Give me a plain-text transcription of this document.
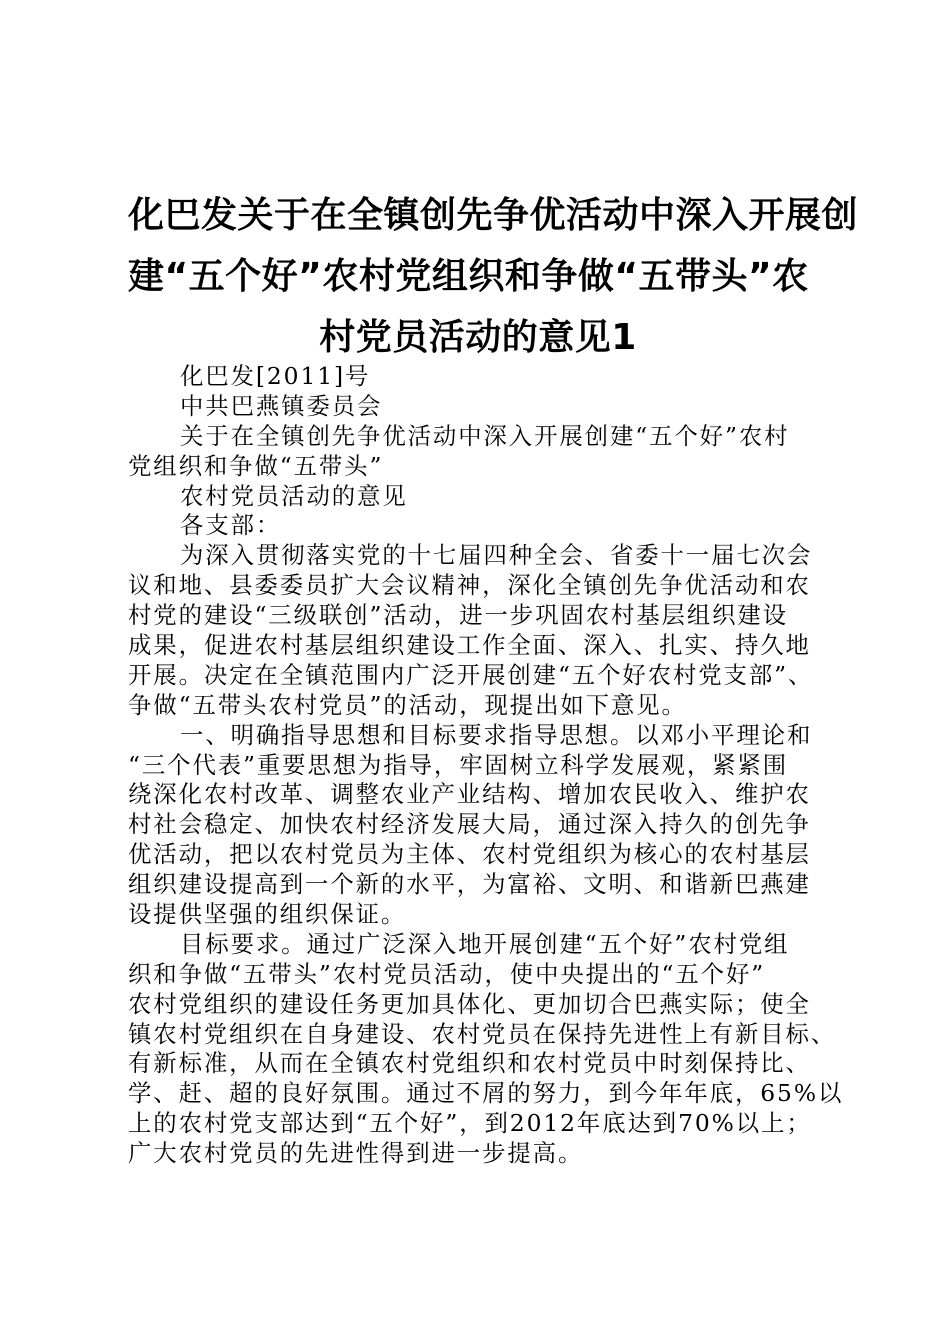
化巴发关于在全镇创先争优活动中深入开展创
建“五个好”农村党组织和争做“五带头”农
村党员活动的意见1
化巴发[2011]号
中共巴燕镇委员会
关于在全镇创先争优活动中深入开展创建“五个好”农村
党组织和争做“五带头”
农村党员活动的意见
各支部：
为深入贯彻落实党的十七届四种全会、省委十一届七次会
议和地、县委委员扩大会议精神，深化全镇创先争优活动和农
村党的建设“三级联创”活动，进一步巩固农村基层组织建设
成果，促进农村基层组织建设工作全面、深入、扎实、持久地
开展。决定在全镇范围内广泛开展创建“五个好农村党支部”、
争做“五带头农村党员”的活动，现提出如下意见。
一、明确指导思想和目标要求指导思想。以邓小平理论和
“三个代表”重要思想为指导，牢固树立科学发展观，紧紧围
绕深化农村改革、调整农业产业结构、增加农民收入、维护农
村社会稳定、加快农村经济发展大局，通过深入持久的创先争
优活动，把以农村党员为主体、农村党组织为核心的农村基层
组织建设提高到一个新的水平，为富裕、文明、和谐新巴燕建
设提供坚强的组织保证。
目标要求。通过广泛深入地开展创建“五个好”农村党组
织和争做“五带头”农村党员活动，使中央提出的“五个好”
农村党组织的建设任务更加具体化、更加切合巴燕实际；使全
镇农村党组织在自身建设、农村党员在保持先进性上有新目标、
有新标准，从而在全镇农村党组织和农村党员中时刻保持比、
学、赶、超的良好氛围。通过不屑的努力，到今年年底，65%以
上的农村党支部达到“五个好”，到2012年底达到70%以上；
广大农村党员的先进性得到进一步提高。
